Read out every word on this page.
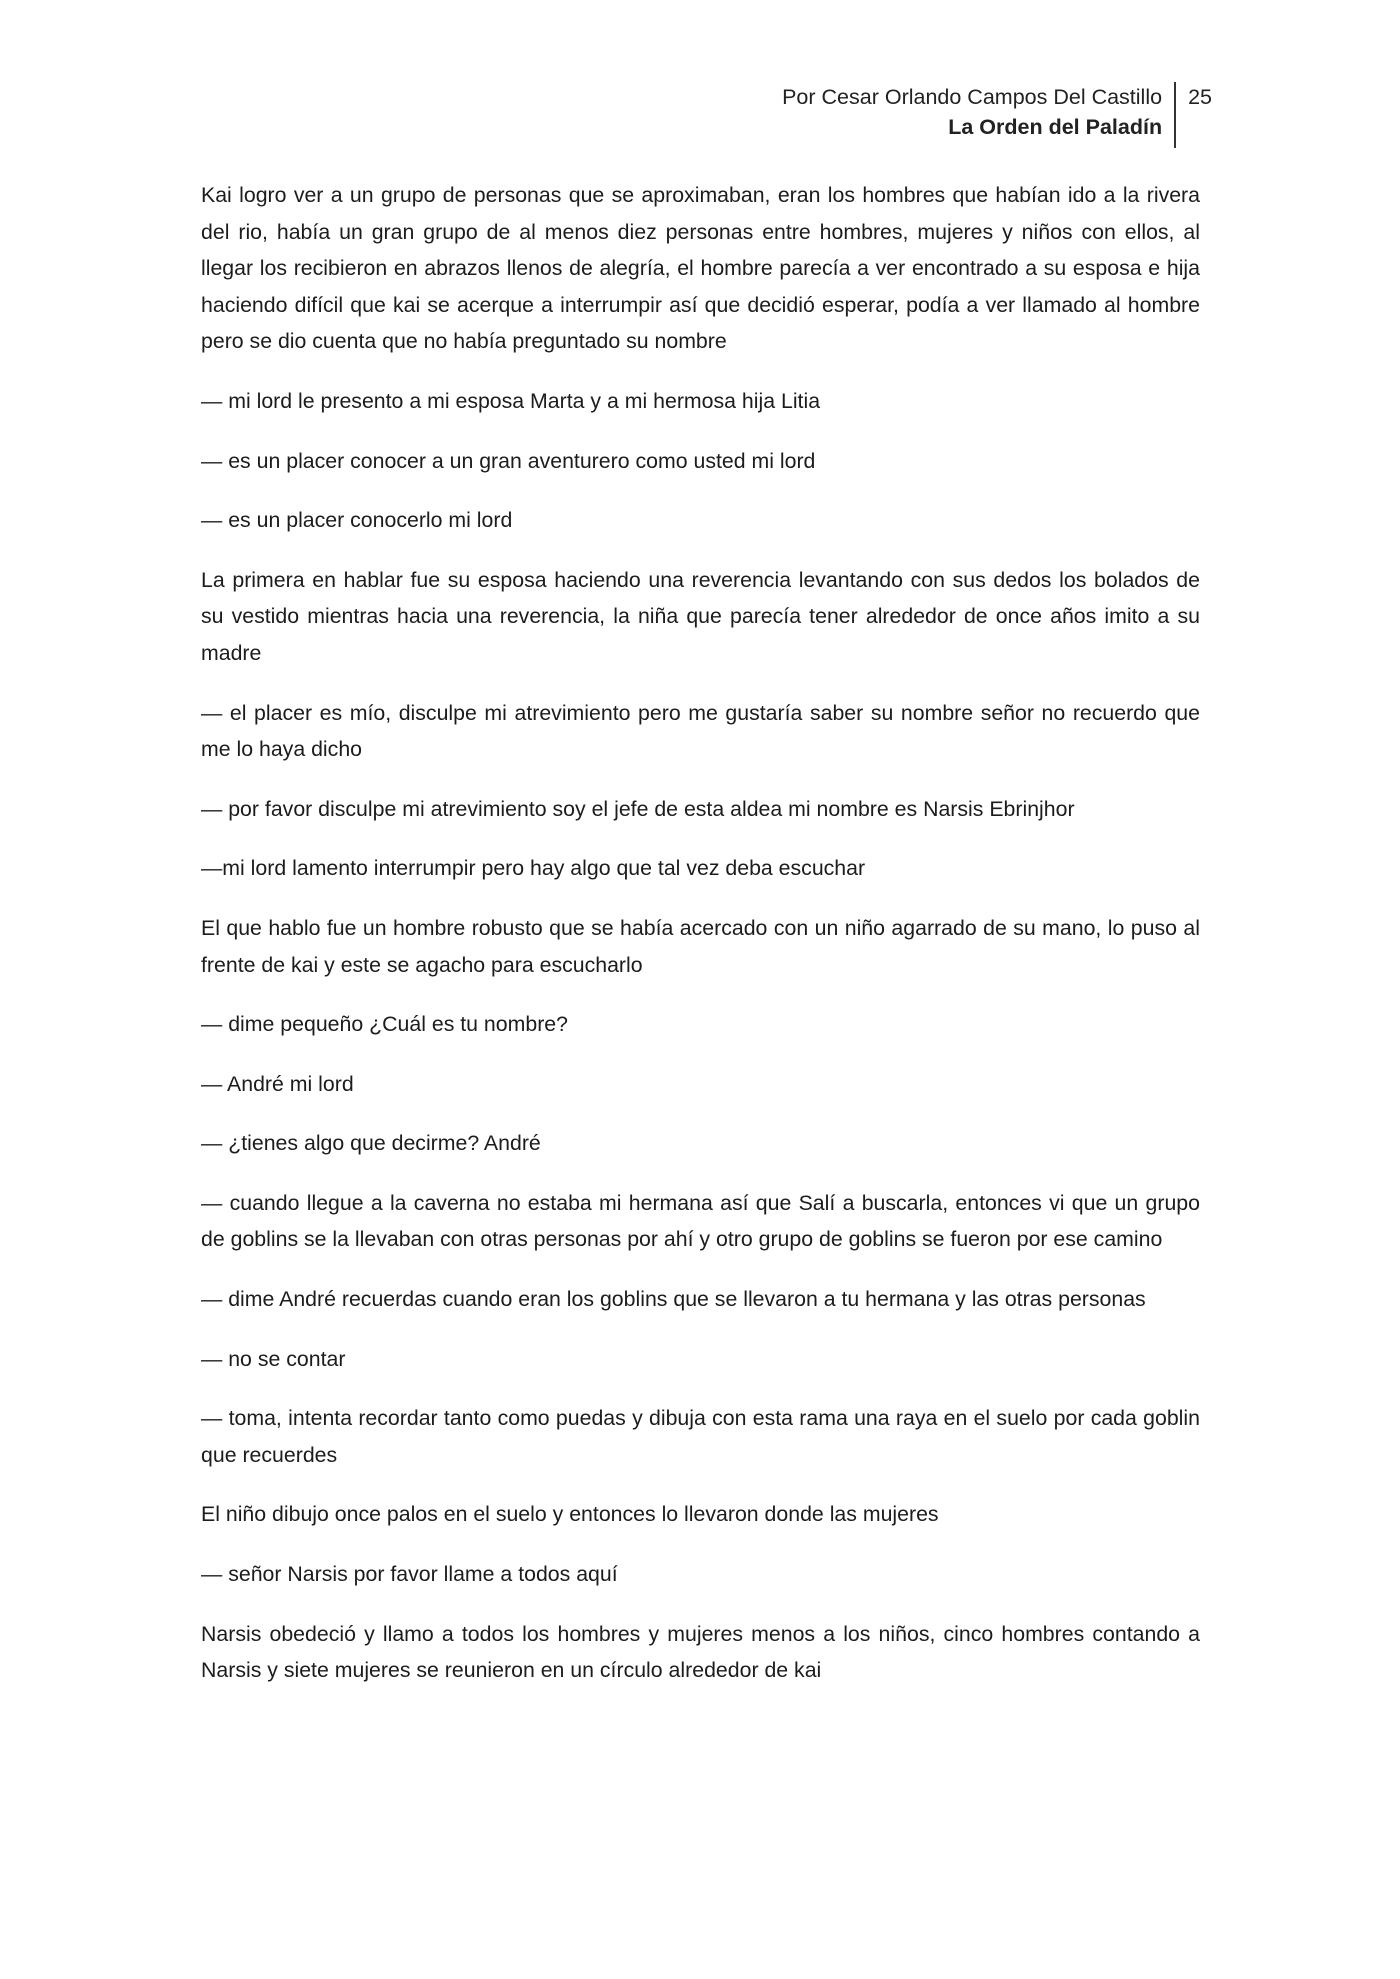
Por Cesar Orlando Campos Del Castillo
La Orden del Paladín
25

Kai logro ver a un grupo de personas que se aproximaban, eran los hombres que habían ido a la rivera del rio, había un gran grupo de al menos diez personas entre hombres, mujeres y niños con ellos, al llegar los recibieron en abrazos llenos de alegría, el hombre parecía a ver encontrado a su esposa e hija haciendo difícil que kai se acerque a interrumpir así que decidió esperar, podía a ver llamado al hombre pero se dio cuenta que no había preguntado su nombre

— mi lord le presento a mi esposa Marta y a mi hermosa hija Litia

— es un placer conocer a un gran aventurero como usted mi lord

— es un placer conocerlo mi lord

La primera en hablar fue su esposa haciendo una reverencia levantando con sus dedos los bolados de su vestido mientras hacia una reverencia, la niña que parecía tener alrededor de once años imito a su madre

— el placer es mío, disculpe mi atrevimiento pero me gustaría saber su nombre señor no recuerdo que me lo haya dicho

— por favor disculpe mi atrevimiento soy el jefe de esta aldea mi nombre es Narsis Ebrinjhor

—mi lord lamento interrumpir pero hay algo que tal vez deba escuchar

El que hablo fue un hombre robusto que se había acercado con un niño agarrado de su mano, lo puso al frente de kai y este se agacho para escucharlo

— dime pequeño ¿Cuál es tu nombre?

— André mi lord

— ¿tienes algo que decirme? André

— cuando llegue a la caverna no estaba mi hermana así que Salí a buscarla, entonces vi que un grupo de goblins se la llevaban con otras personas por ahí y otro grupo de goblins se fueron por ese camino

— dime André recuerdas cuando eran los goblins que se llevaron a tu hermana y las otras personas

— no se contar

— toma, intenta recordar tanto como puedas y dibuja con esta rama una raya en el suelo por cada goblin que recuerdes

El niño dibujo once palos en el suelo y entonces lo llevaron donde las mujeres

— señor Narsis por favor llame a todos aquí

Narsis obedeció y llamo a todos los hombres y mujeres menos a los niños, cinco hombres contando a Narsis y siete mujeres se reunieron en un círculo alrededor de kai
